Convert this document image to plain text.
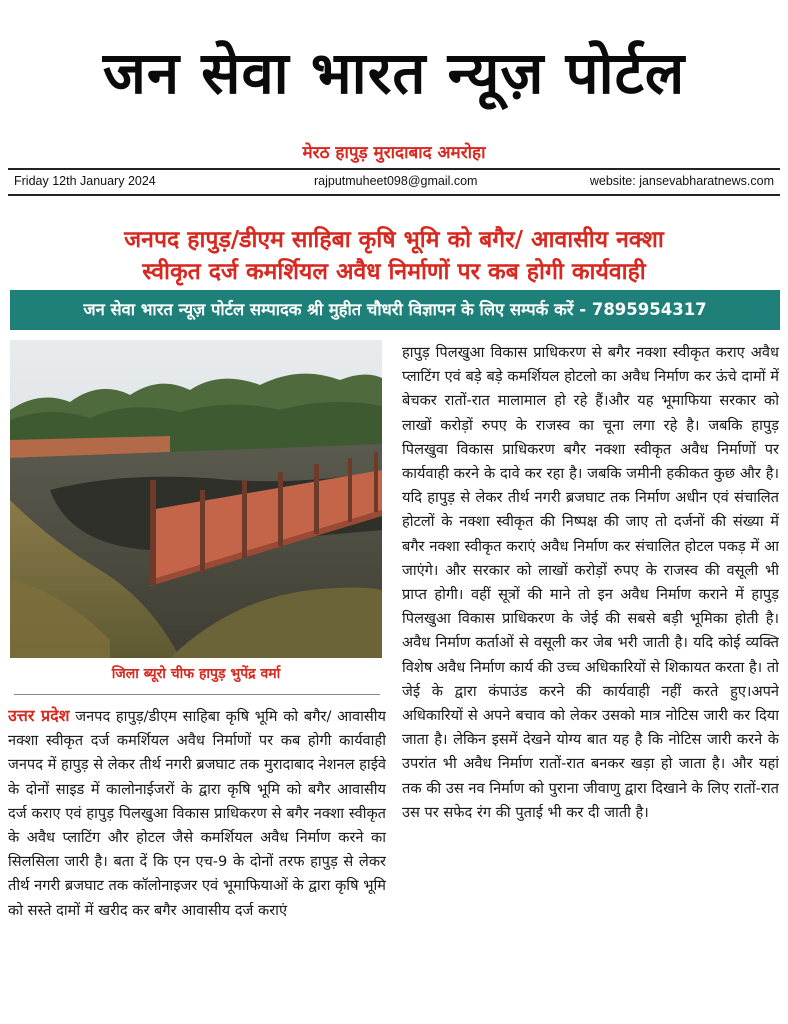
जन सेवा भारत न्यूज़ पोर्टल
मेरठ हापुड़ मुरादाबाद अमरोहा
Friday 12th January 2024	rajputmuheet098@gmail.com	website: jansevabharatnews.com
जनपद हापुड़/डीएम साहिबा कृषि भूमि को बगैर/ आवासीय नक्शा
स्वीकृत दर्ज कमर्शियल अवैध निर्माणों पर कब होगी कार्यवाही
जन सेवा भारत न्यूज़ पोर्टल सम्पादक श्री मुहीत चौधरी विज्ञापन के लिए सम्पर्क करें - 7895954317
जिला ब्यूरो चीफ हापुड़ भुपेंद्र वर्मा
उत्तर प्रदेश जनपद हापुड़/डीएम साहिबा कृषि भूमि को बगैर/ आवासीय नक्शा स्वीकृत दर्ज कमर्शियल अवैध निर्माणों पर कब होगी कार्यवाही जनपद में हापुड़ से लेकर तीर्थ नगरी ब्रजघाट तक मुरादाबाद नेशनल हाईवे के दोनों साइड में कालोनाईजरों के द्वारा कृषि भूमि को बगैर आवासीय दर्ज कराए एवं हापुड़ पिलखुआ विकास प्राधिकरण से बगैर नक्शा स्वीकृत के अवैध प्लाटिंग और होटल जैसे कमर्शियल अवैध निर्माण करने का सिलसिला जारी है। बता दें कि एन एच-9 के दोनों तरफ हापुड़ से लेकर तीर्थ नगरी ब्रजघाट तक कॉलोनाइजर एवं भूमाफियाओं के द्वारा कृषि भूमि को सस्ते दामों में खरीद कर बगैर आवासीय दर्ज कराएं
हापुड़ पिलखुआ विकास प्राधिकरण से बगैर नक्शा स्वीकृत कराए अवैध प्लाटिंग एवं बड़े बड़े कमर्शियल होटलो का अवैध निर्माण कर ऊंचे दामों में बेचकर रातों-रात मालामाल हो रहे हैं।और यह भूमाफिया सरकार को लाखों करोड़ों रुपए के राजस्व का चूना लगा रहे है। जबकि हापुड़ पिलखुवा विकास प्राधिकरण बगैर नक्शा स्वीकृत अवैध निर्माणों पर कार्यवाही करने के दावे कर रहा है। जबकि जमीनी हकीकत कुछ और है। यदि हापुड़ से लेकर तीर्थ नगरी ब्रजघाट तक निर्माण अधीन एवं संचालित होटलों के नक्शा स्वीकृत की निष्पक्ष की जाए तो दर्जनों की संख्या में बगैर नक्शा स्वीकृत कराएं अवैध निर्माण कर संचालित होटल पकड़ में आ जाएंगे। और सरकार को लाखों करोड़ों रुपए के राजस्व की वसूली भी प्राप्त होगी। वहीं सूत्रों की माने तो इन अवैध निर्माण कराने में हापुड़ पिलखुआ विकास प्राधिकरण के जेई की सबसे बड़ी भूमिका होती है। अवैध निर्माण कर्ताओं से वसूली कर जेब भरी जाती है। यदि कोई व्यक्ति विशेष अवैध निर्माण कार्य की उच्च अधिकारियों से शिकायत करता है। तो जेई के द्वारा कंपाउंड करने की कार्यवाही नहीं करते हुए।अपने अधिकारियों से अपने बचाव को लेकर उसको मात्र नोटिस जारी कर दिया जाता है। लेकिन इसमें देखने योग्य बात यह है कि नोटिस जारी करने के उपरांत भी अवैध निर्माण रातों-रात बनकर खड़ा हो जाता है। और यहां तक की उस नव निर्माण को पुराना जीवाणु द्वारा दिखाने के लिए रातों-रात उस पर सफेद रंग की पुताई भी कर दी जाती है।
